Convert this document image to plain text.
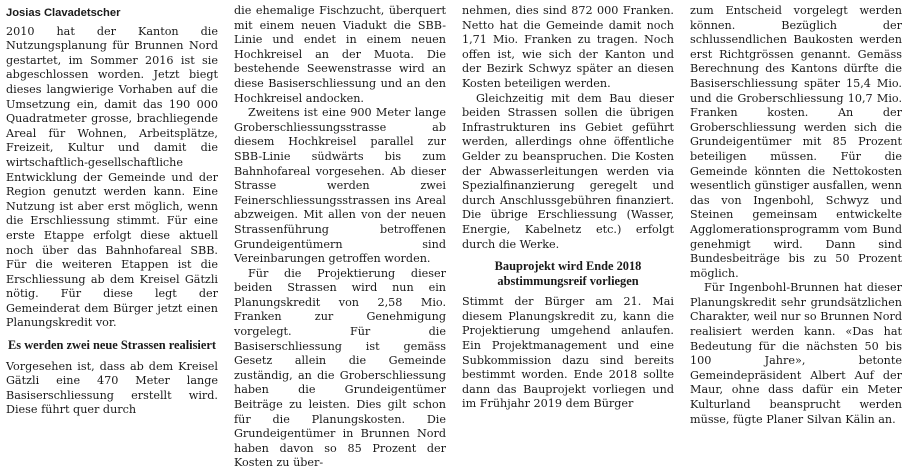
Josias Clavadetscher

2010 hat der Kanton die Nutzungsplanung für Brunnen Nord gestartet, im Sommer 2016 ist sie abgeschlossen worden. Jetzt biegt dieses langwierige Vorhaben auf die Umsetzung ein, damit das 190 000 Quadratmeter grosse, brachliegende Areal für Wohnen, Arbeitsplätze, Freizeit, Kultur und damit die wirtschaftlich-gesellschaftliche Entwicklung der Gemeinde und der Region genutzt werden kann. Eine Nutzung ist aber erst möglich, wenn die Erschliessung stimmt. Für eine erste Etappe erfolgt diese aktuell noch über das Bahnhofareal SBB. Für die weiteren Etappen ist die Erschliessung ab dem Kreisel Gätzli nötig. Für diese legt der Gemeinderat dem Bürger jetzt einen Planungskredit vor.

Es werden zwei neue Strassen realisiert

Vorgesehen ist, dass ab dem Kreisel Gätzli eine 470 Meter lange Basiserschliessung erstellt wird. Diese führt quer durch

die ehemalige Fischzucht, überquert mit einem neuen Viadukt die SBB-Linie und endet in einem neuen Hochkreisel an der Muota. Die bestehende Seewenstrasse wird an diese Basiserschliessung und an den Hochkreisel andocken.

Zweitens ist eine 900 Meter lange Groberschliessungsstrasse ab diesem Hochkreisel parallel zur SBB-Linie südwärts bis zum Bahnhofareal vorgesehen. Ab dieser Strasse werden zwei Feinerschliessungsstrassen ins Areal abzweigen. Mit allen von der neuen Strassenführung betroffenen Grundeigentümern sind Vereinbarungen getroffen worden.

Für die Projektierung dieser beiden Strassen wird nun ein Planungskredit von 2,58 Mio. Franken zur Genehmigung vorgelegt. Für die Basiserschliessung ist gemäss Gesetz allein die Gemeinde zuständig, an die Groberschliessung haben die Grundeigentümer Beiträge zu leisten. Dies gilt schon für die Planungskosten. Die Grundeigentümer in Brunnen Nord haben davon so 85 Prozent der Kosten zu über-

nehmen, dies sind 872 000 Franken. Netto hat die Gemeinde damit noch 1,71 Mio. Franken zu tragen. Noch offen ist, wie sich der Kanton und der Bezirk Schwyz später an diesen Kosten beteiligen werden.

Gleichzeitig mit dem Bau dieser beiden Strassen sollen die übrigen Infrastrukturen ins Gebiet geführt werden, allerdings ohne öffentliche Gelder zu beanspruchen. Die Kosten der Abwasserleitungen werden via Spezialfinanzierung geregelt und durch Anschlussgebühren finanziert. Die übrige Erschliessung (Wasser, Energie, Kabelnetz etc.) erfolgt durch die Werke.

Bauprojekt wird Ende 2018 abstimmungsreif vorliegen

Stimmt der Bürger am 21. Mai diesem Planungskredit zu, kann die Projektierung umgehend anlaufen. Ein Projektmanagement und eine Subkommission dazu sind bereits bestimmt worden. Ende 2018 sollte dann das Bauprojekt vorliegen und im Frühjahr 2019 dem Bürger

zum Entscheid vorgelegt werden können. Bezüglich der schlussendlichen Baukosten werden erst Richtgrössen genannt. Gemäss Berechnung des Kantons dürfte die Basiserschliessung später 15,4 Mio. und die Groberschliessung 10,7 Mio. Franken kosten. An der Groberschliessung werden sich die Grundeigentümer mit 85 Prozent beteiligen müssen. Für die Gemeinde könnten die Nettokosten wesentlich günstiger ausfallen, wenn das von Ingenbohl, Schwyz und Steinen gemeinsam entwickelte Agglomerationsprogramm vom Bund genehmigt wird. Dann sind Bundesbeiträge bis zu 50 Prozent möglich.

Für Ingenbohl-Brunnen hat dieser Planungskredit sehr grundsätzlichen Charakter, weil nur so Brunnen Nord realisiert werden kann. «Das hat Bedeutung für die nächsten 50 bis 100 Jahre», betonte Gemeindepräsident Albert Auf der Maur, ohne dass dafür ein Meter Kulturland beansprucht werden müsse, fügte Planer Silvan Kälin an.
